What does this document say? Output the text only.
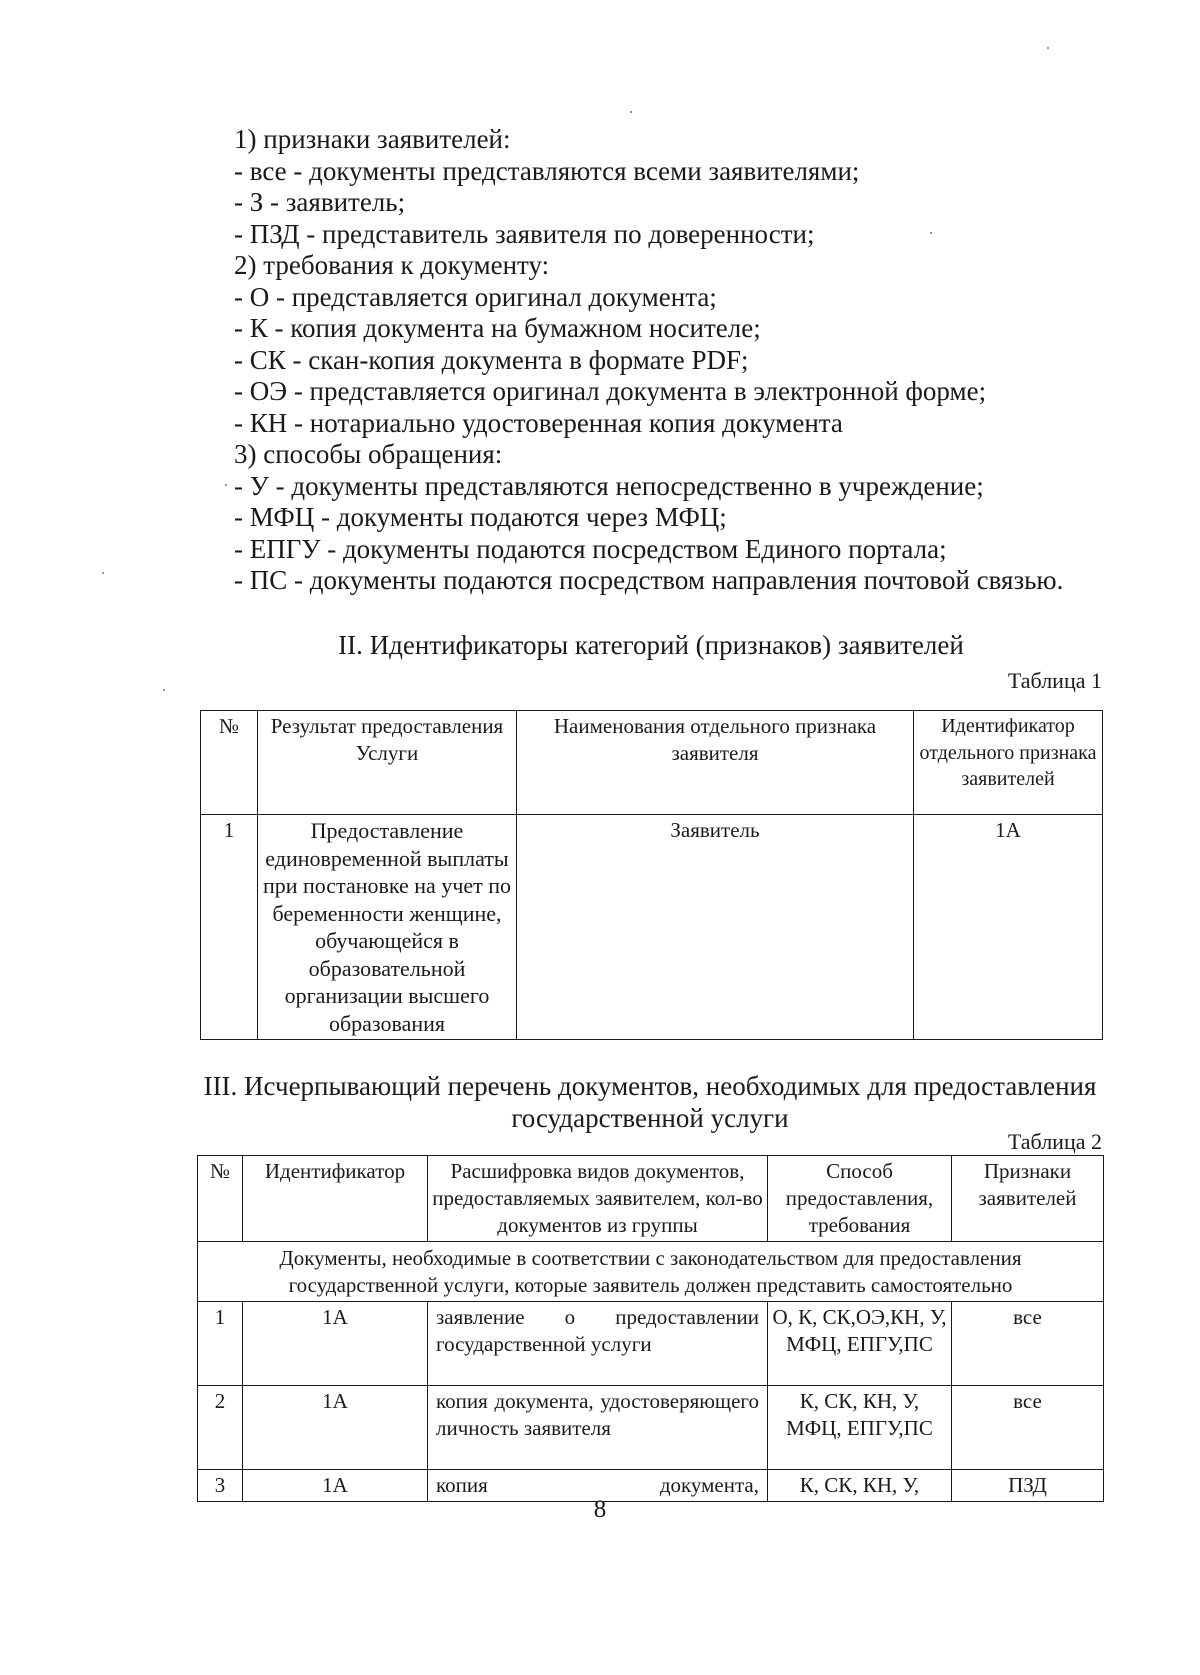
1) признаки заявителей:
- все - документы представляются всеми заявителями;
- З - заявитель;
- ПЗД - представитель заявителя по доверенности;
2) требования к документу:
- О - представляется оригинал документа;
- К - копия документа на бумажном носителе;
- СК - скан-копия документа в формате PDF;
- ОЭ - представляется оригинал документа в электронной форме;
- КН - нотариально удостоверенная копия документа
3) способы обращения:
- У - документы представляются непосредственно в учреждение;
- МФЦ - документы подаются через МФЦ;
- ЕПГУ - документы подаются посредством Единого портала;
- ПС - документы подаются посредством направления почтовой связью.
II. Идентификаторы категорий (признаков) заявителей
Таблица 1
№	Результат предоставления Услуги	Наименования отдельного признака заявителя	Идентификатор отдельного признака заявителей
1	Предоставление единовременной выплаты при постановке на учет по беременности женщине, обучающейся в образовательной организации высшего образования	Заявитель	1А
III. Исчерпывающий перечень документов, необходимых для предоставления
государственной услуги
Таблица 2
№	Идентификатор	Расшифровка видов документов, предоставляемых заявителем, кол-во документов из группы	Способ предоставления, требования	Признаки заявителей
Документы, необходимые в соответствии с законодательством для предоставления государственной услуги, которые заявитель должен представить самостоятельно				
1	1А	заявление о предоставлении государственной услуги	О, К, СК,ОЭ,КН, У, МФЦ, ЕПГУ,ПС	все
2	1А	копия документа, удостоверяющего личность заявителя	К, СК, КН, У, МФЦ, ЕПГУ,ПС	все
3	1А	копия документа,	К, СК, КН, У,	ПЗД
8
